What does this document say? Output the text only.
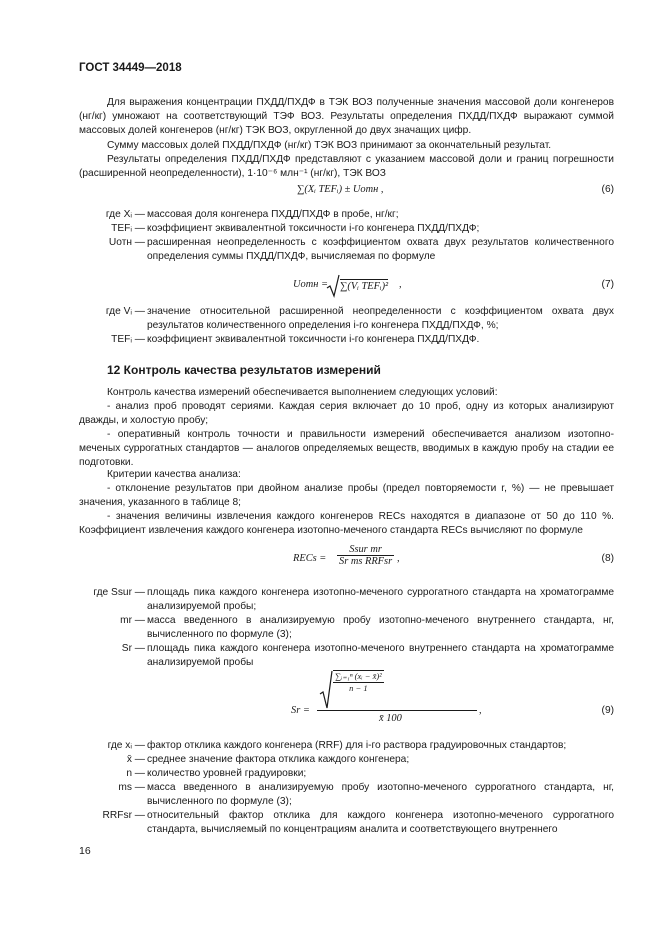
ГОСТ 34449—2018
Для выражения концентрации ПХДД/ПХДФ в ТЭК ВОЗ полученные значения массовой доли конгенеров (нг/кг) умножают на соответствующий ТЭФ ВОЗ. Результаты определения ПХДД/ПХДФ выражают суммой массовых долей конгенеров (нг/кг) ТЭК ВОЗ, округленной до двух значащих цифр.
Сумму массовых долей ПХДД/ПХДФ (нг/кг) ТЭК ВОЗ принимают за окончательный результат.
Результаты определения ПХДД/ПХДФ представляют с указанием массовой доли и границ погрешности (расширенной неопределенности), 1·10⁻⁶ млн⁻¹ (нг/кг), ТЭК ВОЗ
∑(Xᵢ TEFᵢ) ± Uотн ,	(6)
где Xᵢ — массовая доля конгенера ПХДД/ПХДФ в пробе, нг/кг;
TEFᵢ — коэффициент эквивалентной токсичности i-го конгенера ПХДД/ПХДФ;
Uотн — расширенная неопределенность с коэффициентом охвата двух результатов количественного определения суммы ПХДД/ПХДФ, вычисляемая по формуле
Uотн = ∑(Vᵢ TEFᵢ)² ,	(7)
где Vᵢ — значение относительной расширенной неопределенности с коэффициентом охвата двух результатов количественного определения i-го конгенера ПХДД/ПХДФ, %;
TEFᵢ — коэффициент эквивалентной токсичности i-го конгенера ПХДД/ПХДФ.
12 Контроль качества результатов измерений
Контроль качества измерений обеспечивается выполнением следующих условий:
- анализ проб проводят сериями. Каждая серия включает до 10 проб, одну из которых анализируют дважды, и холостую пробу;
- оперативный контроль точности и правильности измерений обеспечивается анализом изотопно-меченых суррогатных стандартов — аналогов определяемых веществ, вводимых в каждую пробу на стадии ее подготовки.
Критерии качества анализа:
- отклонение результатов при двойном анализе пробы (предел повторяемости r, %) — не превышает значения, указанного в таблице 8;
- значения величины извлечения каждого конгенеров RECs находятся в диапазоне от 50 до 110 %. Коэффициент извлечения каждого конгенера изотопно-меченого стандарта RECs вычисляют по формуле
RECs =
Ssur mr
Sr ms RRFsr ,	(8)
где Ssur — площадь пика каждого конгенера изотопно-меченого суррогатного стандарта на хроматограмме анализируемой пробы;
mr — масса введенного в анализируемую пробу изотопно-меченого внутреннего стандарта, нг, вычисленного по формуле (3);
Sr — площадь пика каждого конгенера изотопно-меченого внутреннего стандарта на хроматограмме анализируемой пробы
Sr =
$\frac{\text{∑ᵢ₌₁ⁿ (xᵢ − x̄)²}}{n - 1}$
x̄ 100
,	(9)
где xᵢ — фактор отклика каждого конгенера (RRF) для i-го раствора градуировочных стандартов;
x̄ — среднее значение фактора отклика каждого конгенера;
n — количество уровней градуировки;
ms — масса введенного в анализируемую пробу изотопно-меченого суррогатного стандарта, нг, вычисленного по формуле (3);
RRFsr — относительный фактор отклика для каждого конгенера изотопно-меченого суррогатного стандарта, вычисляемый по концентрациям аналита и соответствующего внутреннего
16
